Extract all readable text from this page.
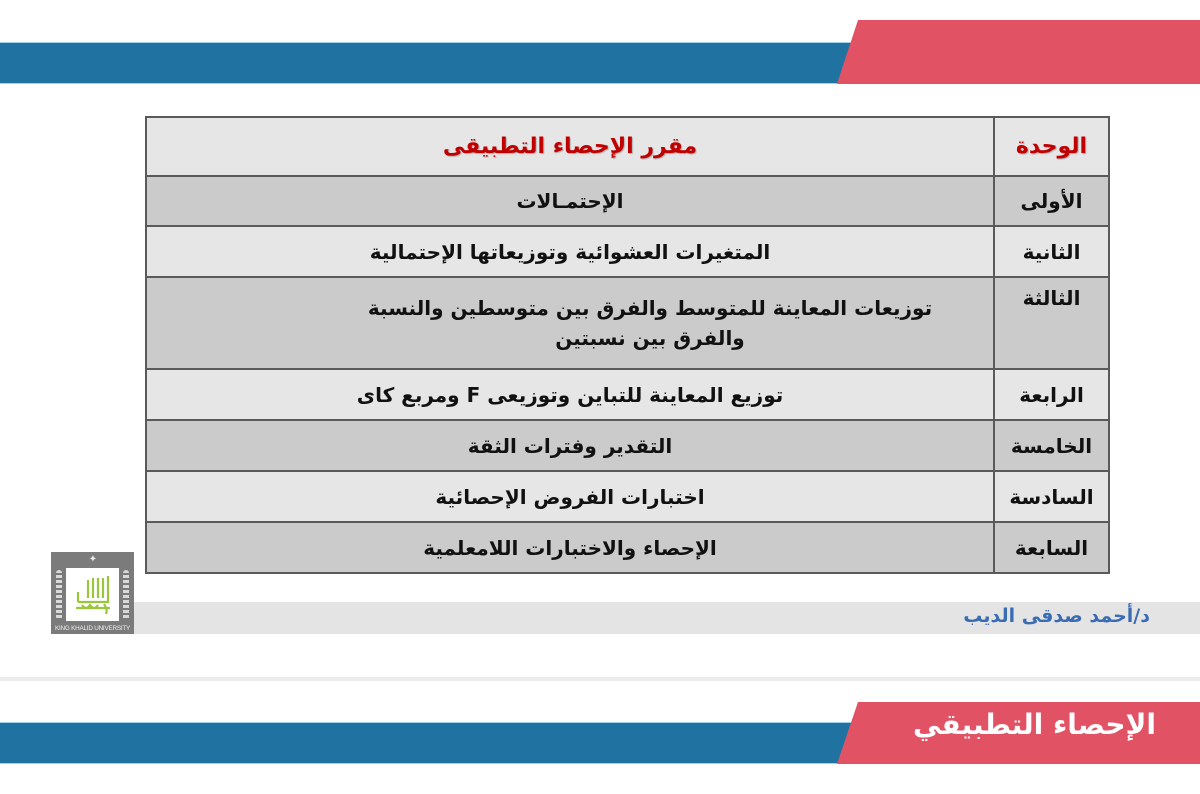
الوحدة	مقرر الإحصاء التطبيقى
الأولى	الإحتمـالات
الثانية	المتغيرات العشوائية وتوزيعاتها الإحتمالية
الثالثة	توزيعات المعاينة للمتوسط والفرق بين متوسطين والنسبة والفرق بين نسبتين
الرابعة	توزيع المعاينة للتباين وتوزيعى F ومربع كاى
الخامسة	التقدير وفترات الثقة
السادسة	اختبارات الفروض الإحصائية
السابعة	الإحصاء والاختبارات اللامعلمية
د/أحمد صدقى الديب
✦
KING KHALID UNIVERSITY
الإحصاء التطبيقي
